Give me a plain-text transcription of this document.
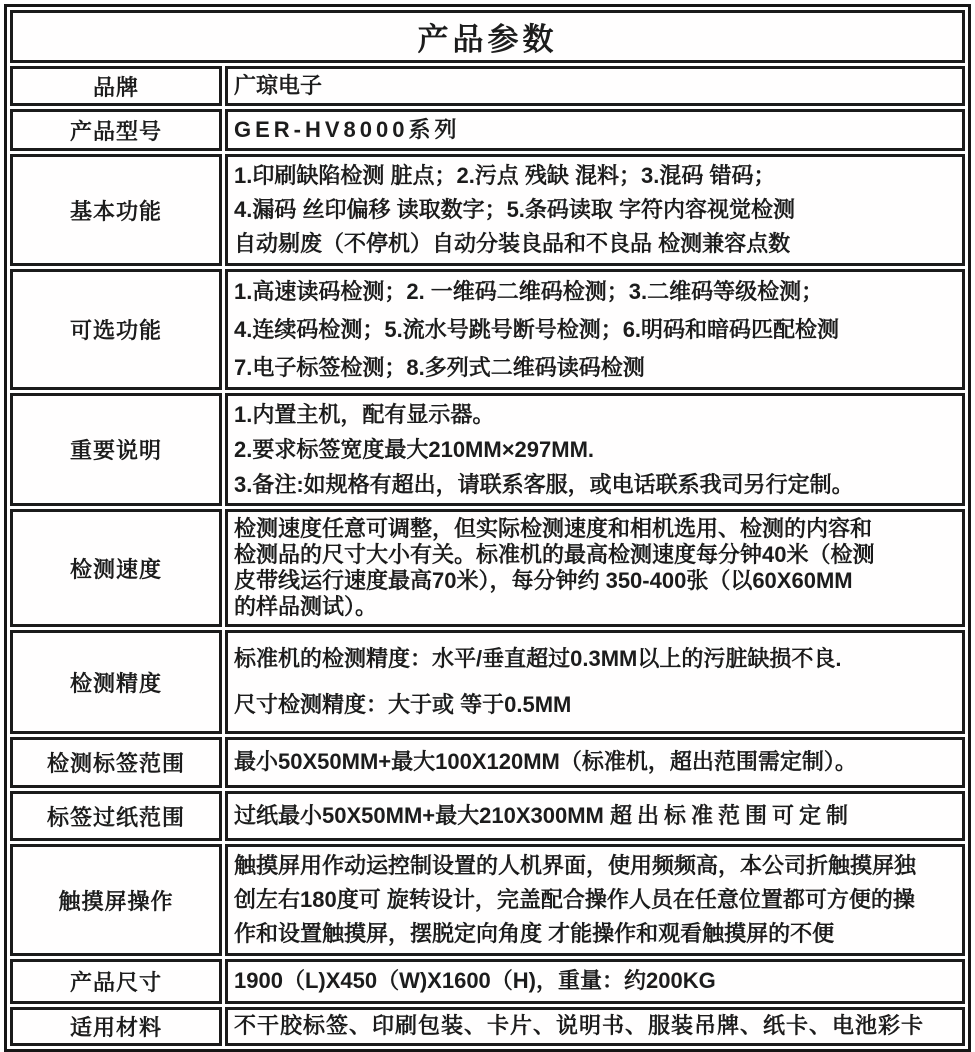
产品参数	
品牌	广琼电子
产品型号	GER-HV8000系列
基本功能	1.印刷缺陷检测 脏点；2.污点 残缺 混料；3.混码 错码；
4.漏码 丝印偏移 读取数字；5.条码读取 字符内容视觉检测
自动剔废（不停机）自动分装良品和不良品 检测兼容点数

可选功能	1.高速读码检测；2. 一维码二维码检测；3.二维码等级检测；
4.连续码检测；5.流水号跳号断号检测；6.明码和暗码匹配检测
7.电子标签检测；8.多列式二维码读码检测

重要说明	1.内置主机，配有显示器。
2.要求标签宽度最大210MM×297MM.
3.备注:如规格有超出，请联系客服，或电话联系我司另行定制。

检测速度	检测速度任意可调整，但实际检测速度和相机选用、检测的内容和
检测品的尺寸大小有关。标准机的最高检测速度每分钟40米（检测
皮带线运行速度最高70米），每分钟约 350-400张（以60X60MM
的样品测试）。

检测精度	标准机的检测精度：水平/垂直超过0.3MM以上的污脏缺损不良.
尺寸检测精度：大于或 等于0.5MM

检测标签范围	最小50X50MM+最大100X120MM（标准机，超出范围需定制）。
标签过纸范围	过纸最小50X50MM+最大210X300MM 超出标准范围可定制
触摸屏操作	触摸屏用作动运控制设置的人机界面，使用频频高，本公司折触摸屏独
创左右180度可 旋转设计，完盖配合操作人员在任意位置都可方便的操
作和设置触摸屏，摆脱定向角度 才能操作和观看触摸屏的不便

产品尺寸	1900（L)X450（W)X1600（H)，重量：约200KG
适用材料	不干胶标签、印刷包装、卡片、说明书、服装吊牌、纸卡、电池彩卡
